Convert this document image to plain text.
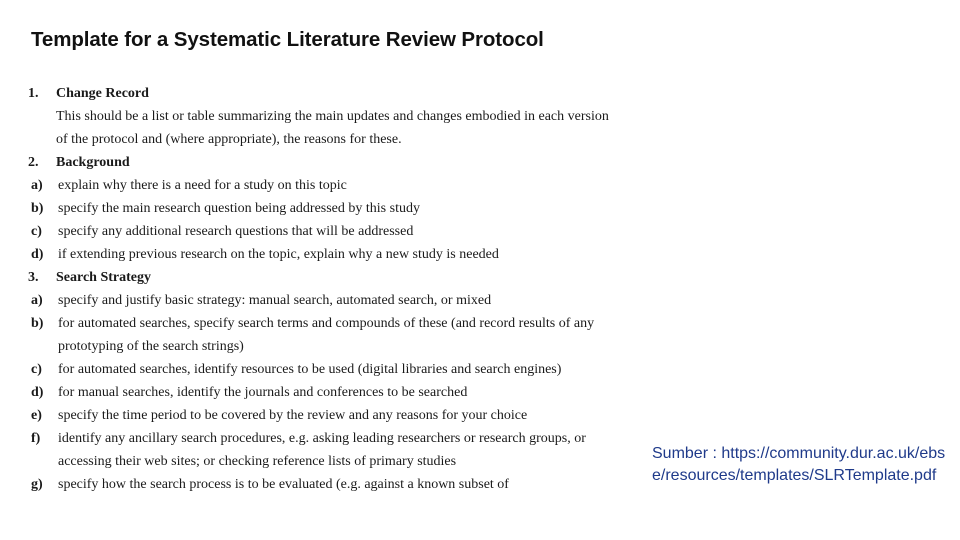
Template for a Systematic Literature Review Protocol
1. Change Record
This should be a list or table summarizing the main updates and changes embodied in each version of the protocol and (where appropriate), the reasons for these.
2. Background
a) explain why there is a need for a study on this topic
b) specify the main research question being addressed by this study
c) specify any additional research questions that will be addressed
d) if extending previous research on the topic, explain why a new study is needed
3. Search Strategy
a) specify and justify basic strategy: manual search, automated search, or mixed
b) for automated searches, specify search terms and compounds of these (and record results of any prototyping of the search strings)
c) for automated searches, identify resources to be used (digital libraries and search engines)
d) for manual searches, identify the journals and conferences to be searched
e) specify the time period to be covered by the review and any reasons for your choice
f) identify any ancillary search procedures, e.g. asking leading researchers or research groups, or accessing their web sites; or checking reference lists of primary studies
g) specify how the search process is to be evaluated (e.g. against a known subset of
Sumber : https://community.dur.ac.uk/ebse/resources/templates/SLRTemplate.pdf
